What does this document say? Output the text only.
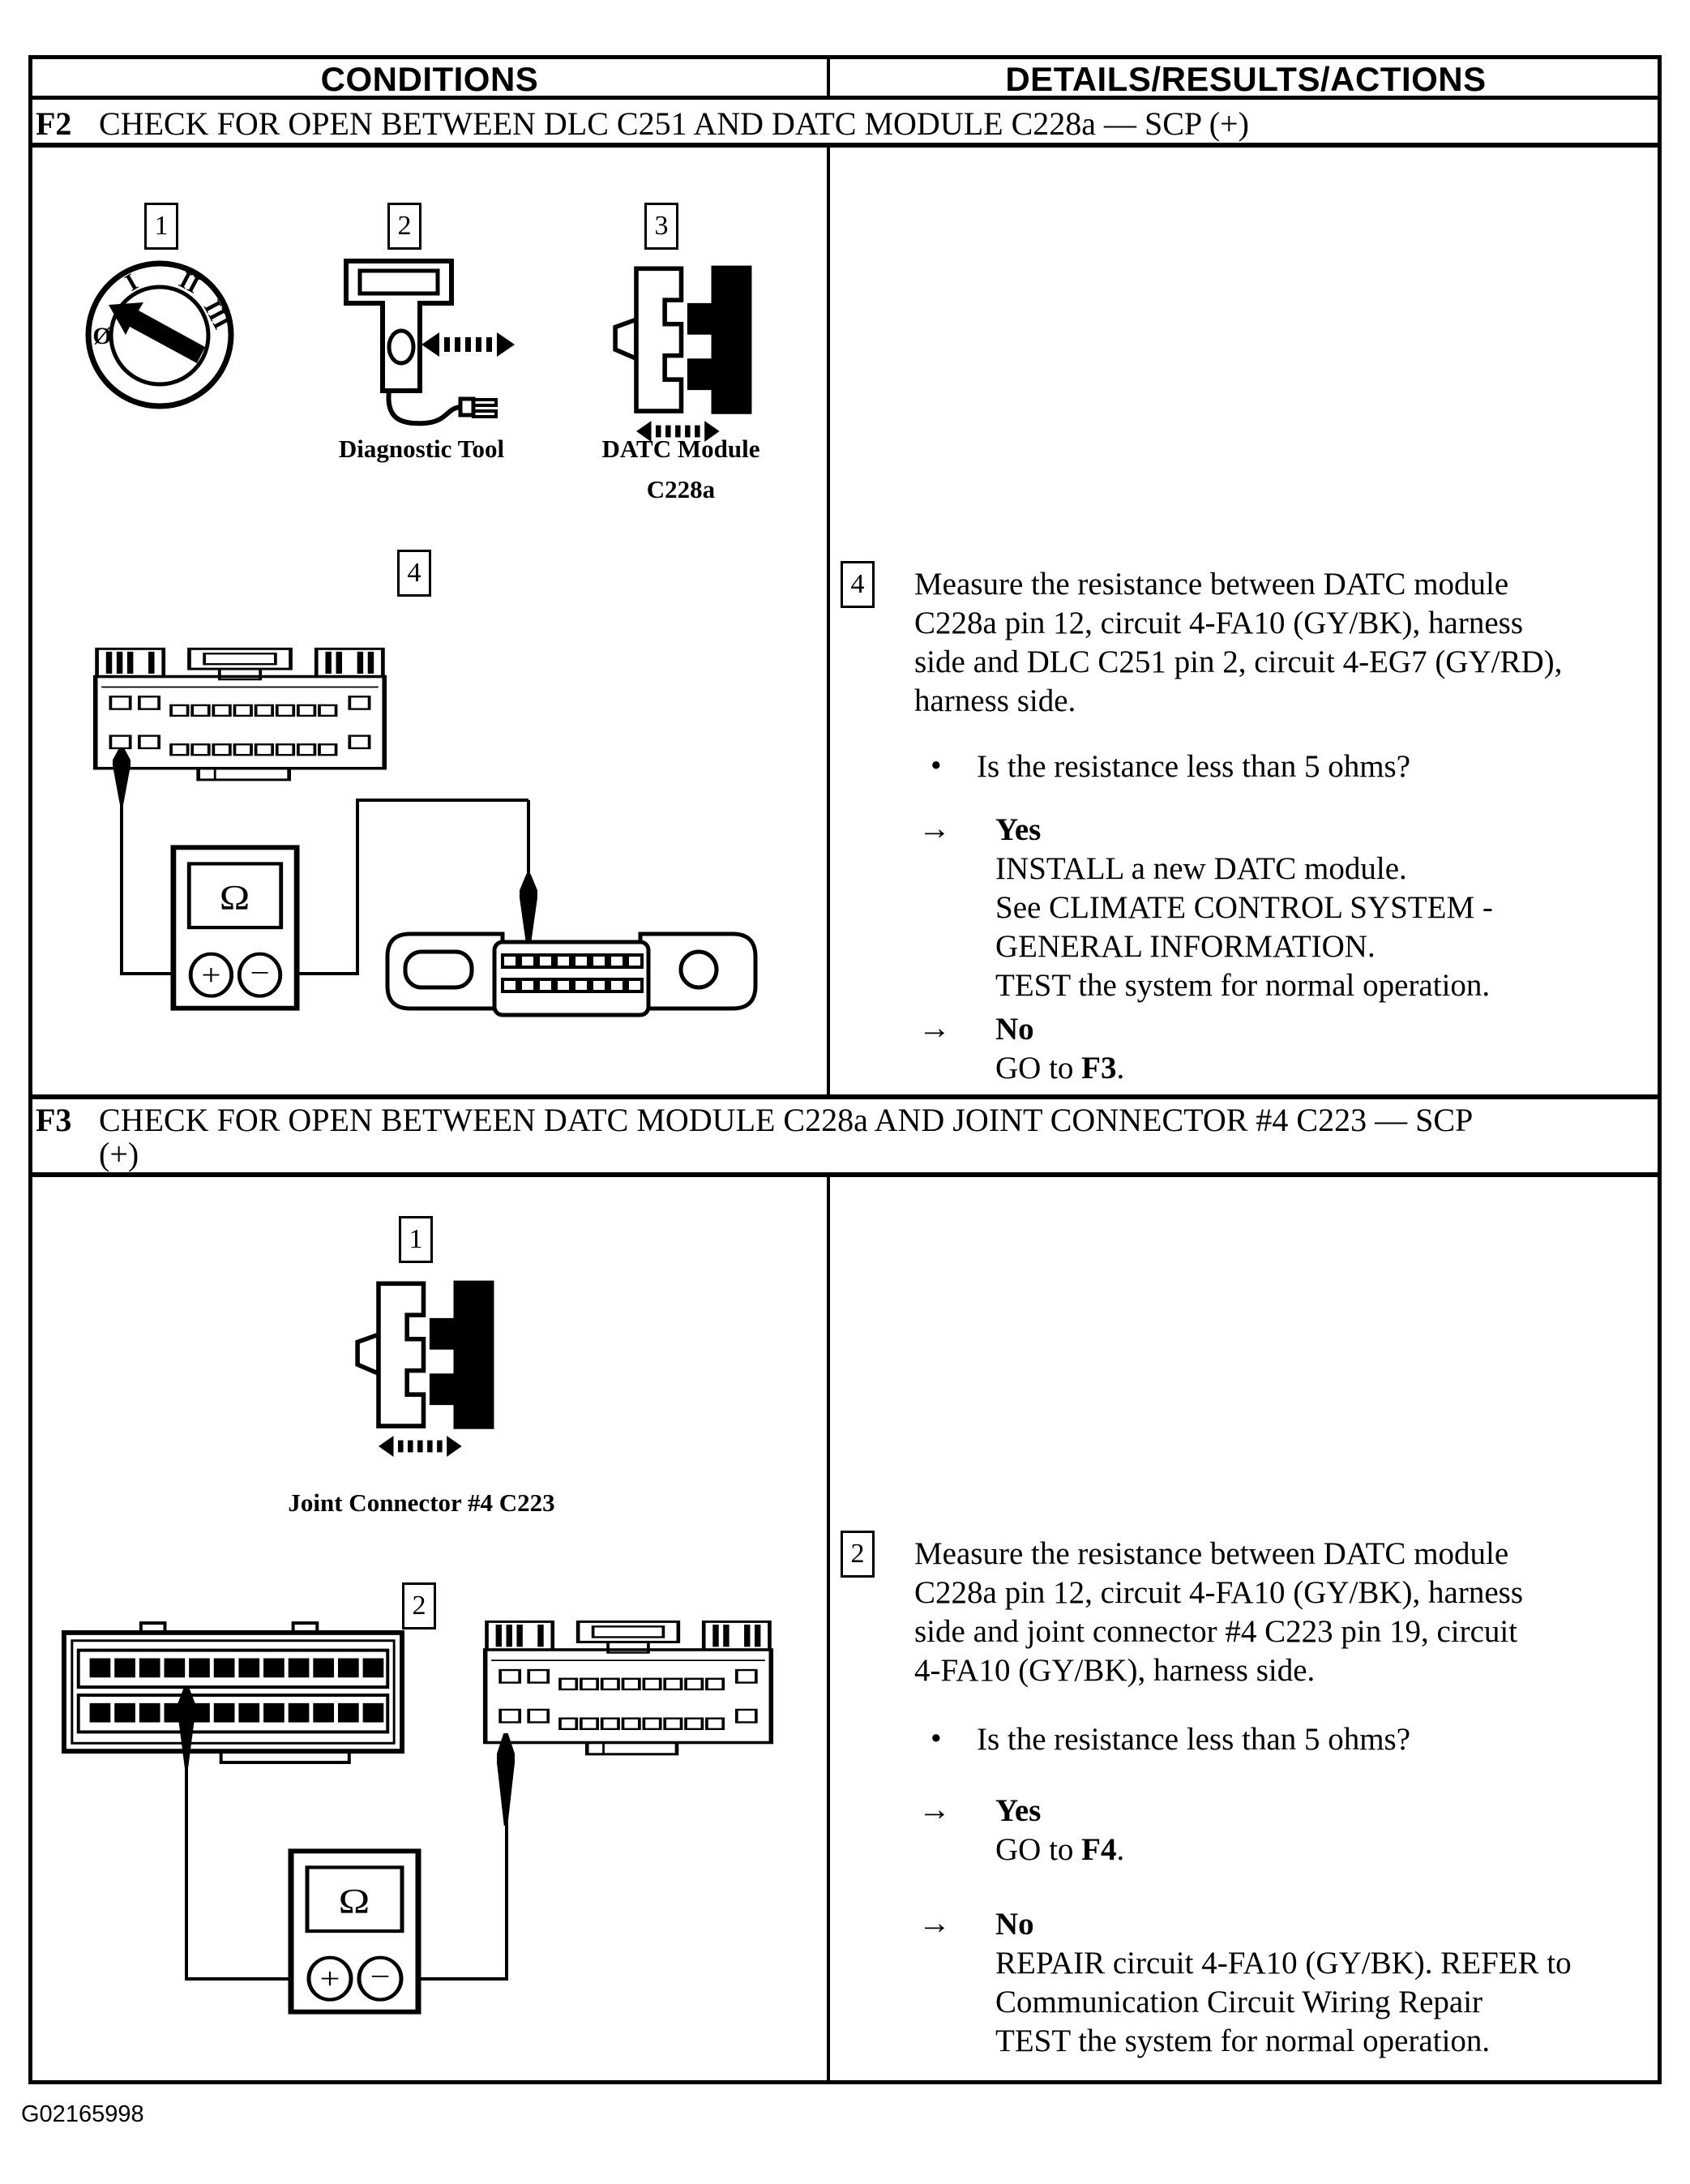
CONDITIONS	DETAILS/RESULTS/ACTIONS
F2 CHECK FOR OPEN BETWEEN DLC C251 AND DATC MODULE C228a — SCP (+)
1	2	3
Ø
I II
III
Diagnostic Tool	DATC Module
C228a
4
Ω
+ −
4	Measure the resistance between DATC module
C228a pin 12, circuit 4-FA10 (GY/BK), harness
side and DLC C251 pin 2, circuit 4-EG7 (GY/RD),
harness side.
• Is the resistance less than 5 ohms?
→ Yes
INSTALL a new DATC module.
See CLIMATE CONTROL SYSTEM -
GENERAL INFORMATION.
TEST the system for normal operation.
→ No
GO to F3.
F3 CHECK FOR OPEN BETWEEN DATC MODULE C228a AND JOINT CONNECTOR #4 C223 — SCP
(+)
1
Joint Connector #4 C223
2
Ω
+ −
2	Measure the resistance between DATC module
C228a pin 12, circuit 4-FA10 (GY/BK), harness
side and joint connector #4 C223 pin 19, circuit
4-FA10 (GY/BK), harness side.
• Is the resistance less than 5 ohms?
→ Yes
GO to F4.
→ No
REPAIR circuit 4-FA10 (GY/BK). REFER to
Communication Circuit Wiring Repair
TEST the system for normal operation.
G02165998
